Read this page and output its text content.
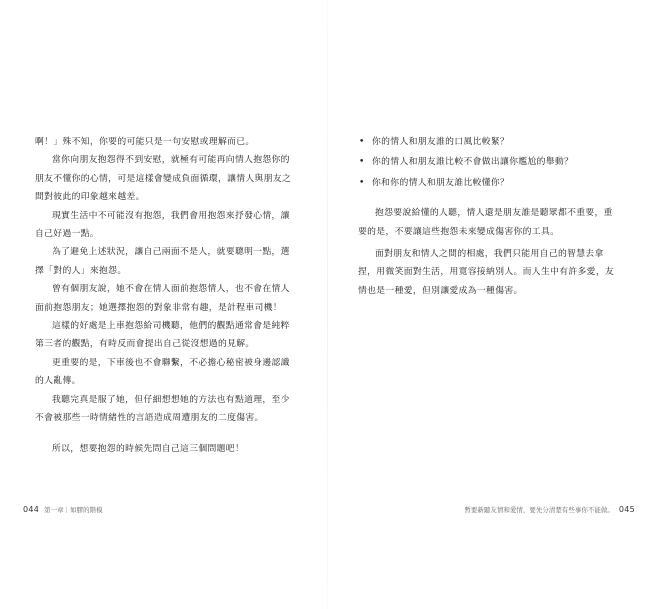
啊！」殊不知，你要的可能只是一句安慰或理解而已。

當你向朋友抱怨得不到安慰，就極有可能再向情人抱怨你的朋友不懂你的心情，可是這樣會變成負面循環，讓情人與朋友之間對彼此的印象越來越差。

現實生活中不可能沒有抱怨，我們會用抱怨來抒發心情，讓自己好過一點。

為了避免上述狀況，讓自己兩面不是人，就要聰明一點，選擇「對的人」來抱怨。

曾有個朋友說，她不會在情人面前抱怨情人，也不會在情人面前抱怨朋友；她選擇抱怨的對象非常有趣，是計程車司機！

這樣的好處是上車抱怨給司機聽，他們的觀點通常會是純粹第三者的觀點，有時反而會提出自己從沒想過的見解。

更重要的是，下車後也不會聯繫，不必擔心秘密被身邊認識的人亂傳。

我聽完真是服了她，但仔細想想她的方法也有點道理，至少不會被那些一時情緒性的言語造成周遭朋友的二度傷害。

所以，想要抱怨的時候先問自己這三個問題吧！

044 第一章｜如膠的階模
• 你的情人和朋友誰的口風比較緊？
• 你的情人和朋友誰比較不會做出讓你尷尬的舉動？
• 你和你的情人和朋友誰比較懂你？

抱怨要說給懂的人聽，情人還是朋友誰是聽眾都不重要，重要的是，不要讓這些抱怨未來變成傷害你的工具。

面對朋友和情人之間的相處，我們只能用自己的智慧去拿捏，用微笑面對生活，用寬容接納別人。而人生中有許多愛，友情也是一種愛，但別讓愛成為一種傷害。

暫要新聽友情和愛情，要先分清楚有些事你不能做。 045
